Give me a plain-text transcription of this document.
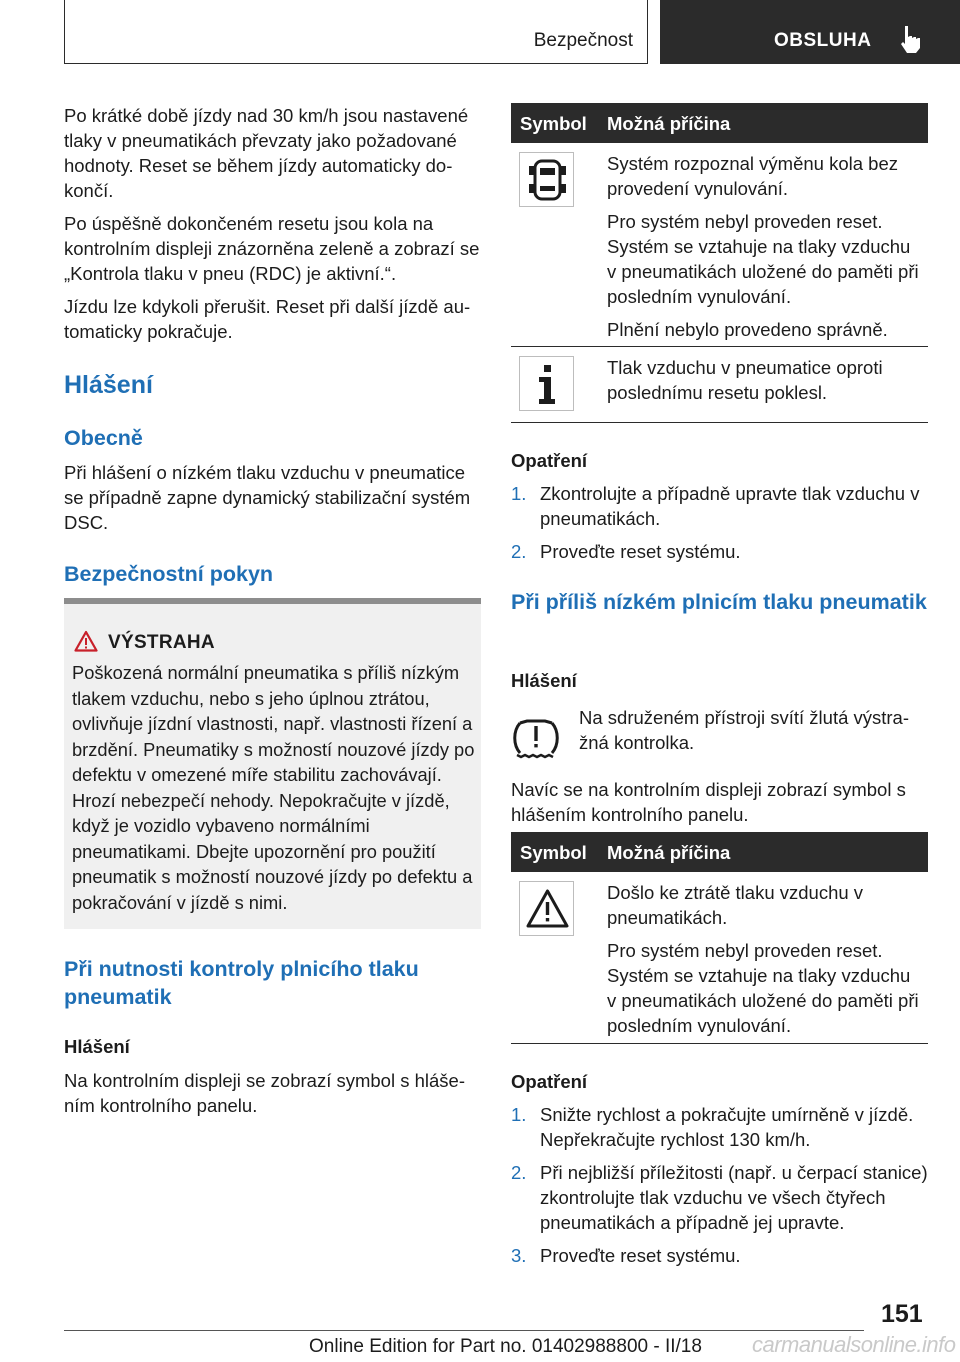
Bezpečnost	OBSLUHA

Po krátké době jízdy nad 30 km/h jsou nastavené tlaky v pneumatikách převzaty jako požadované hodnoty. Reset se během jízdy automaticky dokončí.

Po úspěšně dokončeném resetu jsou kola na kontrolním displeji znázorněna zeleně a zobrazí se „Kontrola tlaku v pneu (RDC) je aktivní.“.

Jízdu lze kdykoli přerušit. Reset při další jízdě automaticky pokračuje.

Hlášení
Obecně
Při hlášení o nízkém tlaku vzduchu v pneumatice se případně zapne dynamický stabilizační systém DSC.
Bezpečnostní pokyn
VÝSTRAHA
Poškozená normální pneumatika s příliš nízkým tlakem vzduchu, nebo s jeho úplnou ztrátou, ovlivňuje jízdní vlastnosti, např. vlastnosti řízení a brzdění. Pneumatiky s možností nouzové jízdy po defektu v omezené míře stabilitu zachovávají. Hrozí nebezpečí nehody. Nepokračujte v jízdě, když je vozidlo vybaveno normálními pneumatikami. Dbejte upozornění pro použití pneumatik s možností nouzové jízdy po defektu a pokračování v jízdě s nimi.
Při nutnosti kontroly plnicího tlaku pneumatik
Hlášení
Na kontrolním displeji se zobrazí symbol s hlášením kontrolního panelu.
Symbol Možná příčina

Systém rozpoznal výměnu kola bez provedení vynulování.

Pro systém nebyl proveden reset. Systém se vztahuje na tlaky vzduchu v pneumatikách uložené do paměti při posledním vynulování.

Plnění nebylo provedeno správně.

Tlak vzduchu v pneumatice oproti poslednímu resetu poklesl.

Opatření
1. Zkontrolujte a případně upravte tlak vzduchu v pneumatikách.
2. Proveďte reset systému.
Při příliš nízkém plnicím tlaku pneumatik
Hlášení
Na sdruženém přístroji svítí žlutá výstražná kontrolka.
Navíc se na kontrolním displeji zobrazí symbol s hlášením kontrolního panelu.
Symbol Možná příčina

Došlo ke ztrátě tlaku vzduchu v pneumatikách.

Pro systém nebyl proveden reset. Systém se vztahuje na tlaky vzduchu v pneumatikách uložené do paměti při posledním vynulování.

Opatření
1. Snižte rychlost a pokračujte umírněně v jízdě. Nepřekračujte rychlost 130 km/h.
2. Při nejbližší příležitosti (např. u čerpací stanice) zkontrolujte tlak vzduchu ve všech čtyřech pneumatikách a případně jej upravte.
3. Proveďte reset systému.
151
Online Edition for Part no. 01402988800 - II/18 carmanualsonline.info
